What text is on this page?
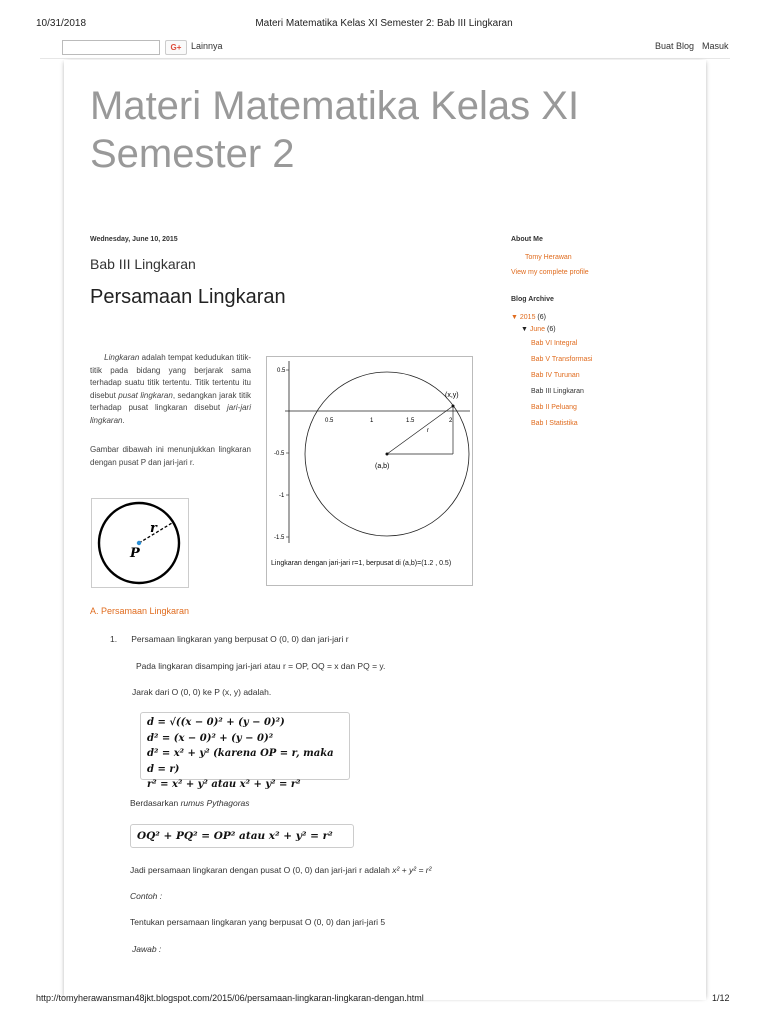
10/31/2018	Materi Matematika Kelas XI Semester 2: Bab III Lingkaran
G+	Lainnya	Buat Blog Masuk
Materi Matematika Kelas XI Semester 2
Wednesday, June 10, 2015
Bab III Lingkaran
Persamaan Lingkaran
Lingkaran adalah tempat kedudukan titik-titik pada bidang yang berjarak sama terhadap suatu titik tertentu. Titik tertentu itu disebut pusat lingkaran, sedangkan jarak titik terhadap pusat lingkaran disebut jari-jari lingkaran.
Gambar dibawah ini menunjukkan lingkaran dengan pusat P dan jari-jari r.
r
P
0.5
-0.5
-1
-1.5
0.5	1	1.5	2
(x,y)
(a,b)
r
Lingkaran dengan jari-jari r=1, berpusat di (a,b)=(1.2 , 0.5)
A. Persamaan Lingkaran
1. Persamaan lingkaran yang berpusat O (0, 0) dan jari-jari r
Pada lingkaran disamping jari-jari atau r = OP, OQ = x dan PQ = y.
Jarak dari O (0, 0) ke P (x, y) adalah.
d = √((x − 0)² + (y − 0)²)
d² = (x − 0)² + (y − 0)²
d² = x² + y² (karena OP = r, maka d = r)
r² = x² + y² atau x² + y² = r²
Berdasarkan rumus Pythagoras
OQ² + PQ² = OP² atau x² + y² = r²
Jadi persamaan lingkaran dengan pusat O (0, 0) dan jari-jari r adalah x² + y² = r²
Contoh :
Tentukan persamaan lingkaran yang berpusat O (0, 0) dan jari-jari 5
Jawab :
About Me
Tomy Herawan
View my complete profile
Blog Archive
▼ 2015 (6)
▼ June (6)
Bab VI Integral
Bab V Transformasi
Bab IV Turunan
Bab III Lingkaran
Bab II Peluang
Bab I Statistika
http://tomyherawansman48jkt.blogspot.com/2015/06/persamaan-lingkaran-lingkaran-dengan.html	1/12
